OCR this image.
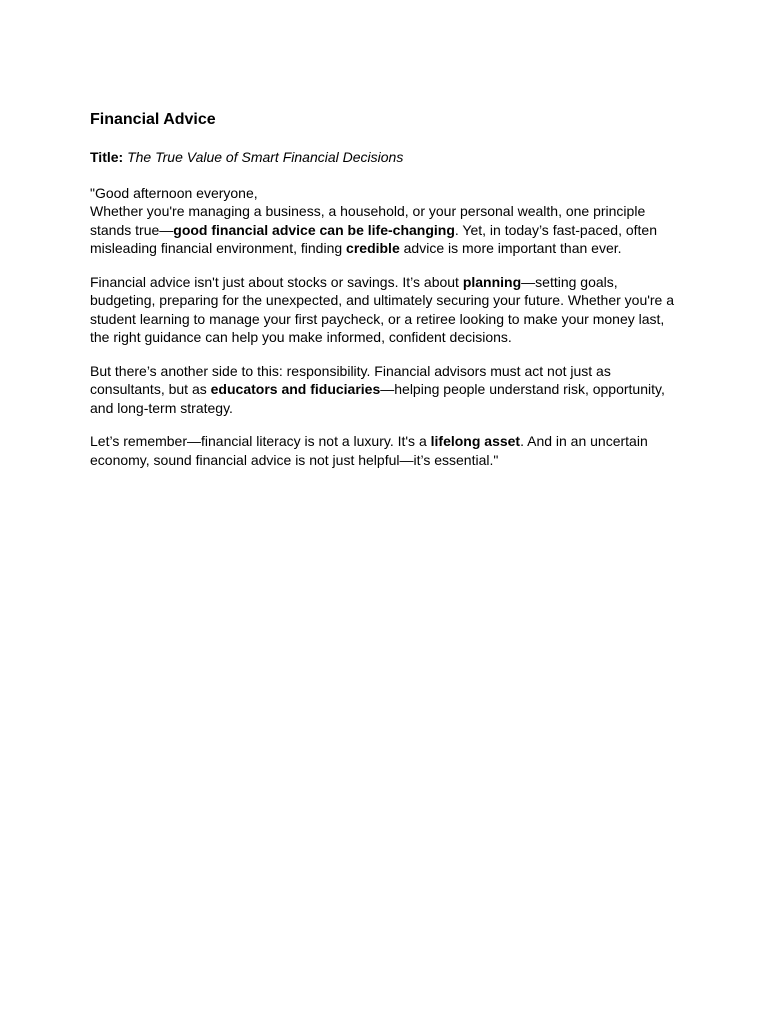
Financial Advice
Title: The True Value of Smart Financial Decisions

"Good afternoon everyone,
Whether you're managing a business, a household, or your personal wealth, one principle stands true—good financial advice can be life-changing. Yet, in today’s fast-paced, often misleading financial environment, finding credible advice is more important than ever.

Financial advice isn't just about stocks or savings. It’s about planning—setting goals, budgeting, preparing for the unexpected, and ultimately securing your future. Whether you're a student learning to manage your first paycheck, or a retiree looking to make your money last, the right guidance can help you make informed, confident decisions.

But there’s another side to this: responsibility. Financial advisors must act not just as consultants, but as educators and fiduciaries—helping people understand risk, opportunity, and long-term strategy.

Let’s remember—financial literacy is not a luxury. It's a lifelong asset. And in an uncertain economy, sound financial advice is not just helpful—it’s essential."
